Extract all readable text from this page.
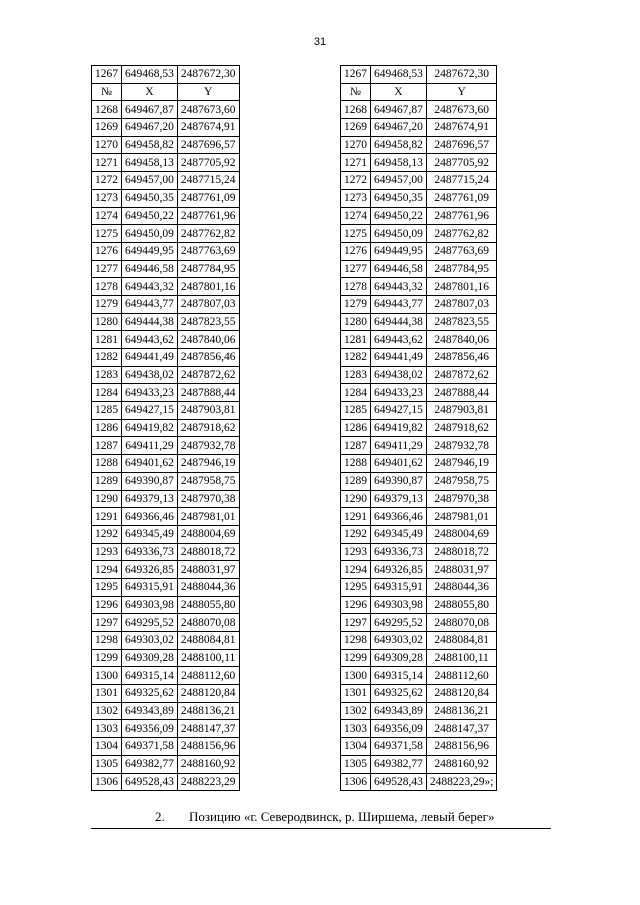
31
1267	649468,53	2487672,30
№	X	Y
1268	649467,87	2487673,60
1269	649467,20	2487674,91
1270	649458,82	2487696,57
1271	649458,13	2487705,92
1272	649457,00	2487715,24
1273	649450,35	2487761,09
1274	649450,22	2487761,96
1275	649450,09	2487762,82
1276	649449,95	2487763,69
1277	649446,58	2487784,95
1278	649443,32	2487801,16
1279	649443,77	2487807,03
1280	649444,38	2487823,55
1281	649443,62	2487840,06
1282	649441,49	2487856,46
1283	649438,02	2487872,62
1284	649433,23	2487888,44
1285	649427,15	2487903,81
1286	649419,82	2487918,62
1287	649411,29	2487932,78
1288	649401,62	2487946,19
1289	649390,87	2487958,75
1290	649379,13	2487970,38
1291	649366,46	2487981,01
1292	649345,49	2488004,69
1293	649336,73	2488018,72
1294	649326,85	2488031,97
1295	649315,91	2488044,36
1296	649303,98	2488055,80
1297	649295,52	2488070,08
1298	649303,02	2488084,81
1299	649309,28	2488100,11
1300	649315,14	2488112,60
1301	649325,62	2488120,84
1302	649343,89	2488136,21
1303	649356,09	2488147,37
1304	649371,58	2488156,96
1305	649382,77	2488160,92
1306	649528,43	2488223,29
1267	649468,53	2487672,30
№	X	Y
1268	649467,87	2487673,60
1269	649467,20	2487674,91
1270	649458,82	2487696,57
1271	649458,13	2487705,92
1272	649457,00	2487715,24
1273	649450,35	2487761,09
1274	649450,22	2487761,96
1275	649450,09	2487762,82
1276	649449,95	2487763,69
1277	649446,58	2487784,95
1278	649443,32	2487801,16
1279	649443,77	2487807,03
1280	649444,38	2487823,55
1281	649443,62	2487840,06
1282	649441,49	2487856,46
1283	649438,02	2487872,62
1284	649433,23	2487888,44
1285	649427,15	2487903,81
1286	649419,82	2487918,62
1287	649411,29	2487932,78
1288	649401,62	2487946,19
1289	649390,87	2487958,75
1290	649379,13	2487970,38
1291	649366,46	2487981,01
1292	649345,49	2488004,69
1293	649336,73	2488018,72
1294	649326,85	2488031,97
1295	649315,91	2488044,36
1296	649303,98	2488055,80
1297	649295,52	2488070,08
1298	649303,02	2488084,81
1299	649309,28	2488100,11
1300	649315,14	2488112,60
1301	649325,62	2488120,84
1302	649343,89	2488136,21
1303	649356,09	2488147,37
1304	649371,58	2488156,96
1305	649382,77	2488160,92
1306	649528,43	2488223,29»;
2. Позицию «г. Северодвинск, р. Ширшема, левый берег»
